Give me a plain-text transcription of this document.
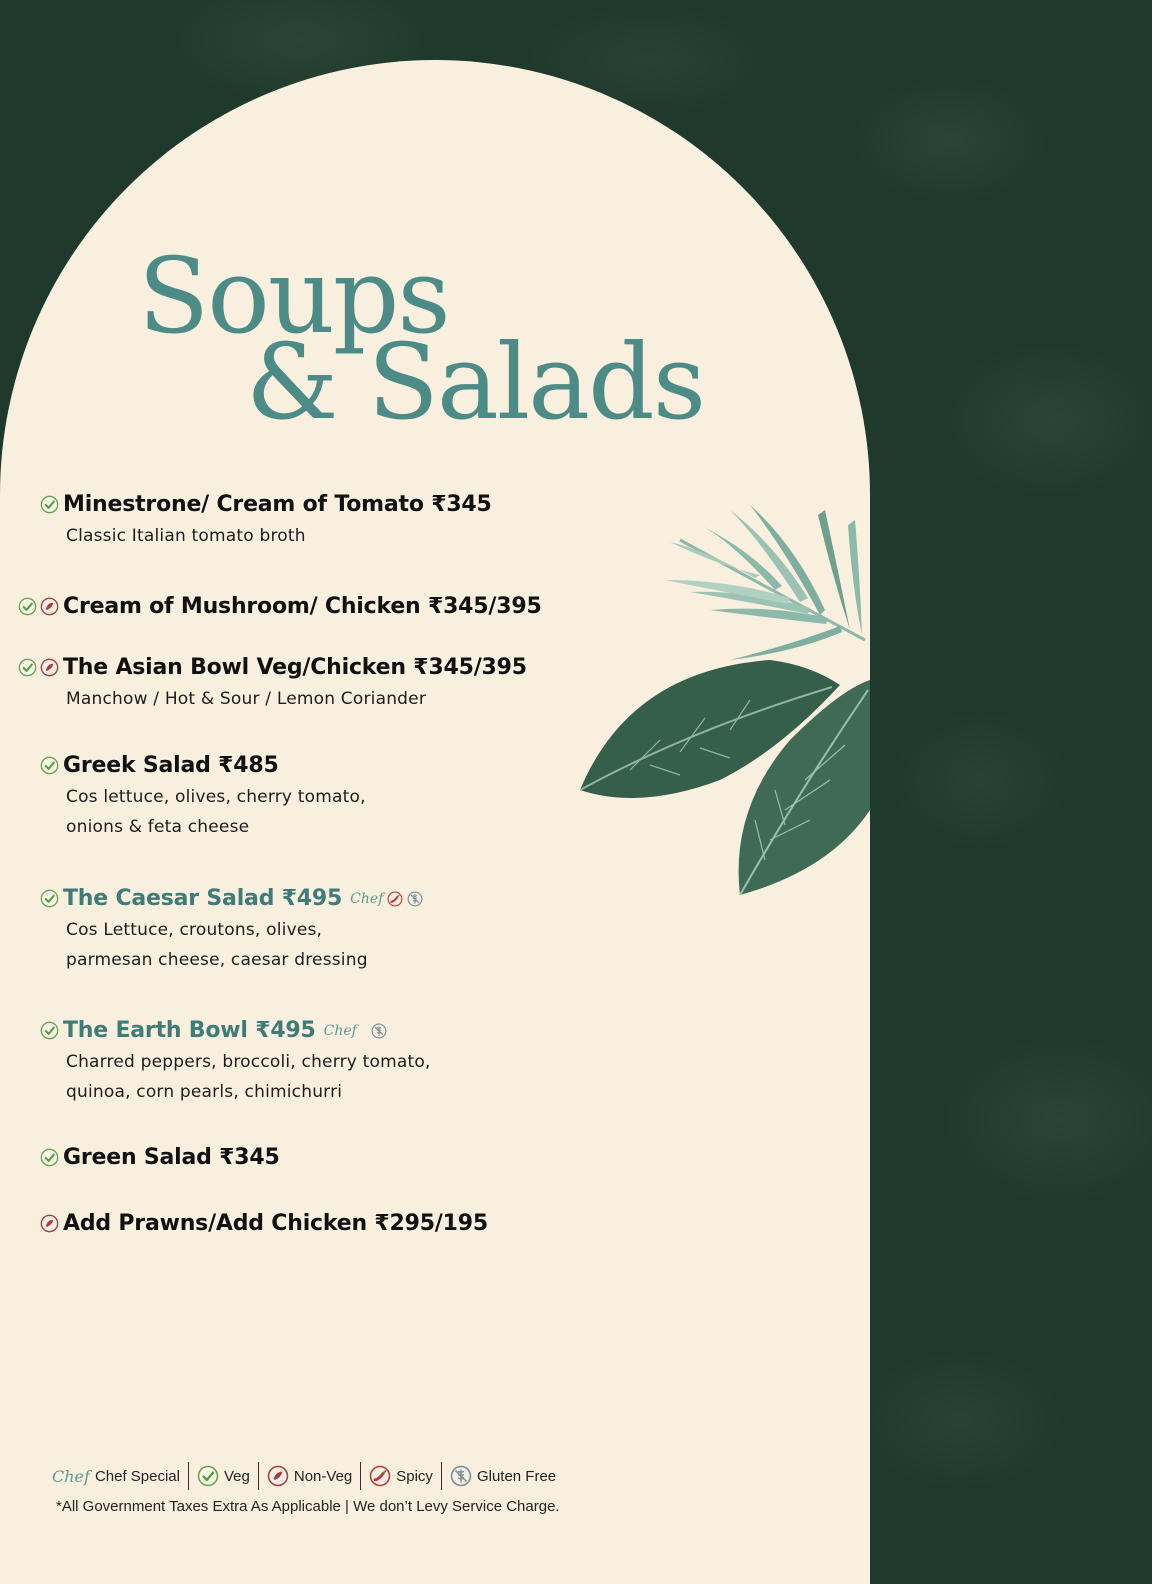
Soups
& Salads
Minestrone/ Cream of Tomato ₹345
Classic Italian tomato broth
Cream of Mushroom/ Chicken ₹345/395
The Asian Bowl Veg/Chicken ₹345/395
Manchow / Hot & Sour / Lemon Coriander
Greek Salad ₹485
Cos lettuce, olives, cherry tomato,
onions & feta cheese
The Caesar Salad ₹495 Chef
Cos Lettuce, croutons, olives,
parmesan cheese, caesar dressing
The Earth Bowl ₹495 Chef
Charred peppers, broccoli, cherry tomato,
quinoa, corn pearls, chimichurri
Green Salad ₹345
Add Prawns/Add Chicken ₹295/195
Chef Chef Special	Veg	Non-Veg	Spicy	Gluten Free

*All Government Taxes Extra As Applicable | We don’t Levy Service Charge.
